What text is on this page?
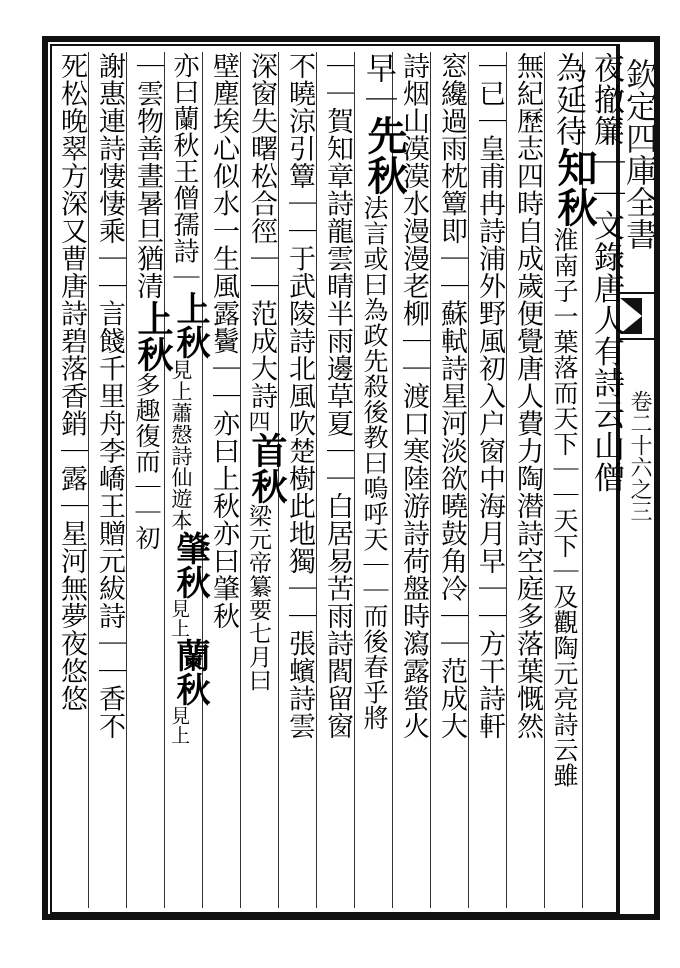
欽定四庫全書
卷二十六之三
夜撤簾｜｜文錄唐人有詩云山僧
為延待
知秋
淮南子一葉落而天下｜｜天下｜及觀陶元亮詩云雖
無紀歷志四時自成歲便覺唐人費力陶潜詩空庭多落葉慨然
｜已｜皇甫冉詩浦外野風初入户窗中海月早｜｜方干詩軒
窓纔過雨枕簟即｜｜蘇軾詩星河淡欲曉鼓角冷｜｜范成大
詩烟山漠漠水漫漫老柳｜｜渡口寒陸游詩荷盤時瀉露螢火
早｜
先秋
法言或曰為政先殺後教曰嗚呼天｜｜而後春乎將
｜｜賀知章詩龍雲晴半雨邊草夏｜｜白居易苦雨詩閻留窗
不曉涼引簟｜｜于武陵詩北風吹楚樹此地獨｜｜張蠙詩雲
深窗失曙松合徑｜｜范成大詩
四
首秋
梁元帝纂要七月曰
壁塵埃心似水一生風露鬢｜｜亦曰上秋亦曰肇秋
亦曰蘭秋王僧孺詩｜
上秋
見上蕭慤詩仙遊本
肇秋
見上
蘭秋
見上
｜雲物善晝暑旦猶清
上秋
多趣復而｜｜初
謝惠連詩悽悽乘｜｜言餞千里舟李嶠王贈元紱詩｜｜香不
死松晚翠方深又曹唐詩碧落香銷｜露｜星河無夢夜悠悠
